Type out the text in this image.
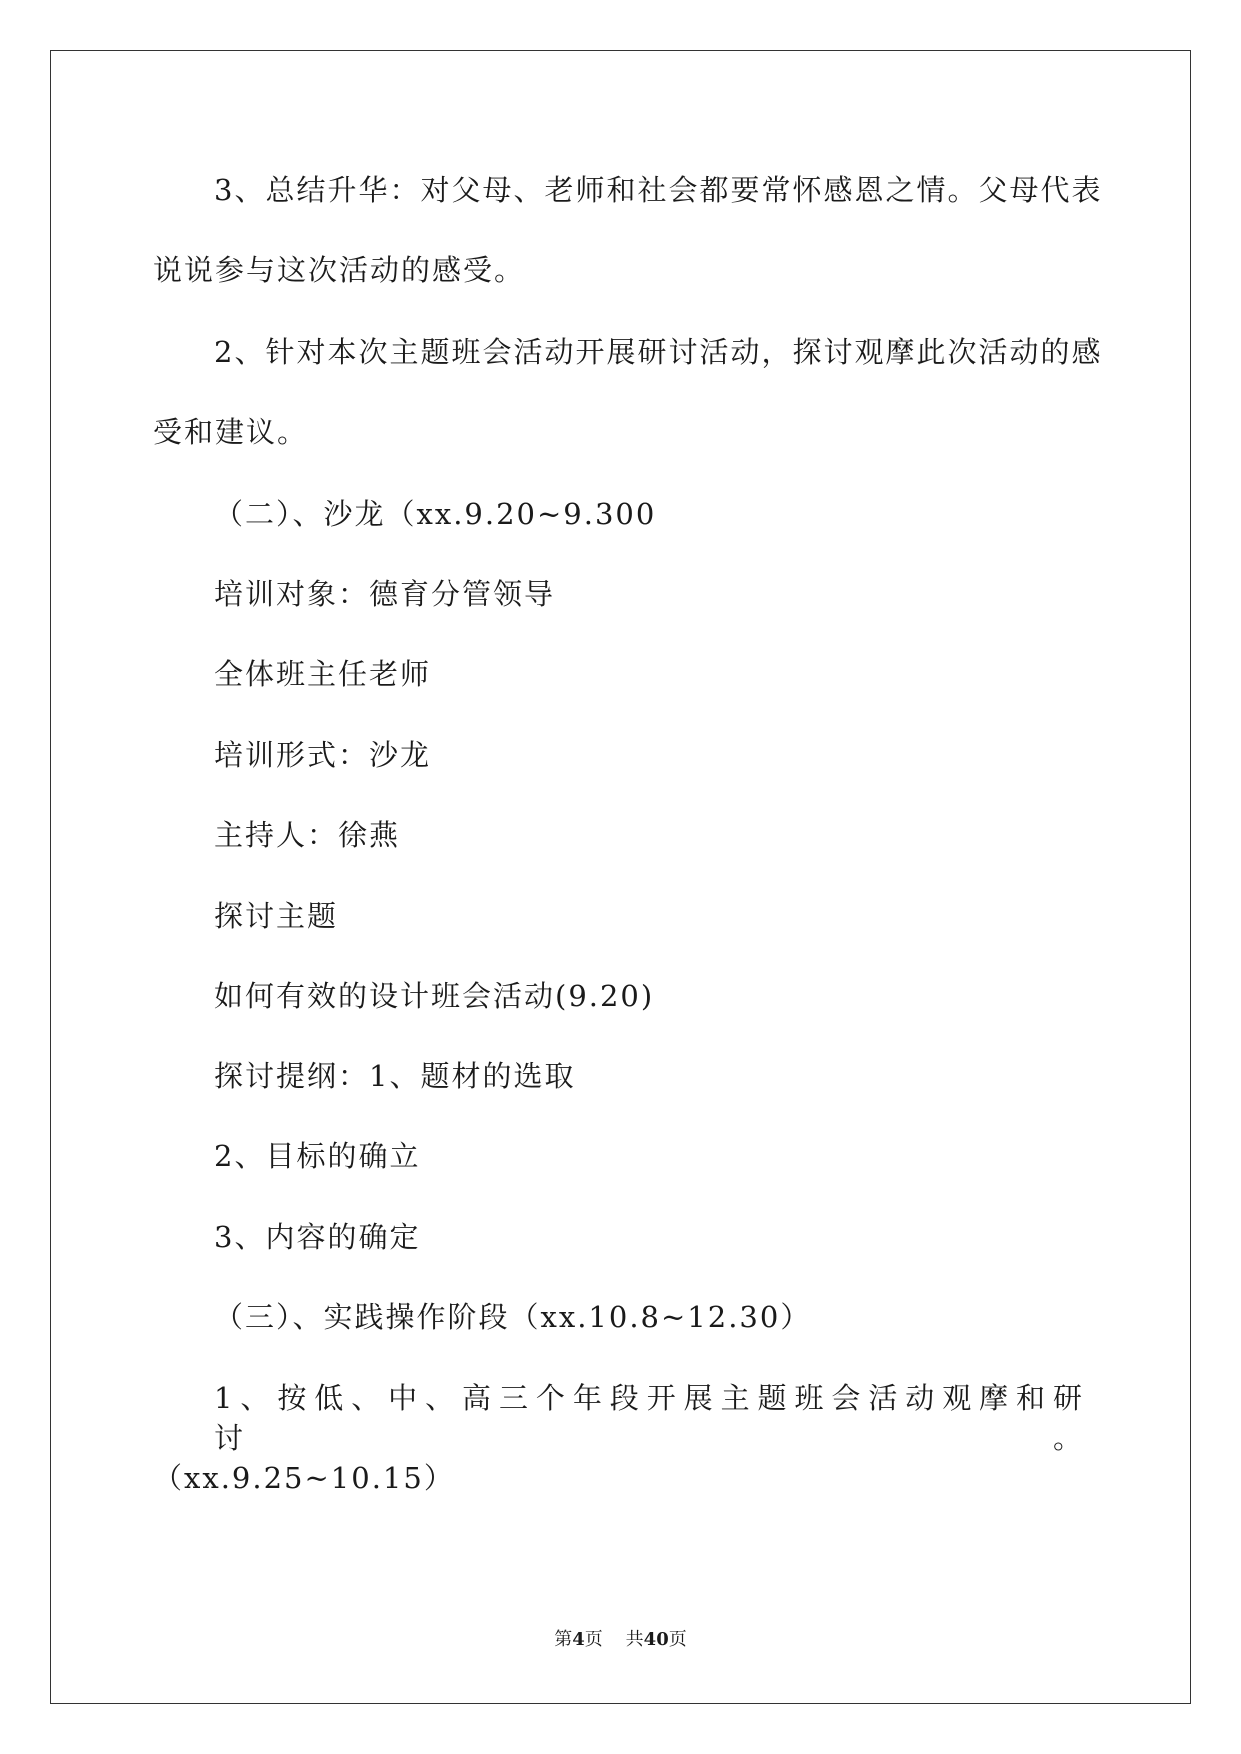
3、总结升华：对父母、老师和社会都要常怀感恩之情。父母代表
说说参与这次活动的感受。
2、针对本次主题班会活动开展研讨活动，探讨观摩此次活动的感
受和建议。
（二）、沙龙（xx.9.20~9.300
培训对象：德育分管领导
全体班主任老师
培训形式：沙龙
主持人：徐燕
探讨主题
如何有效的设计班会活动(9.20)
探讨提纲：1、题材的选取
2、目标的确立
3、内容的确定
（三）、实践操作阶段（xx.10.8~12.30）
1、按低、中、高三个年段开展主题班会活动观摩和研讨。
（xx.9.25~10.15）
第4页 共40页
